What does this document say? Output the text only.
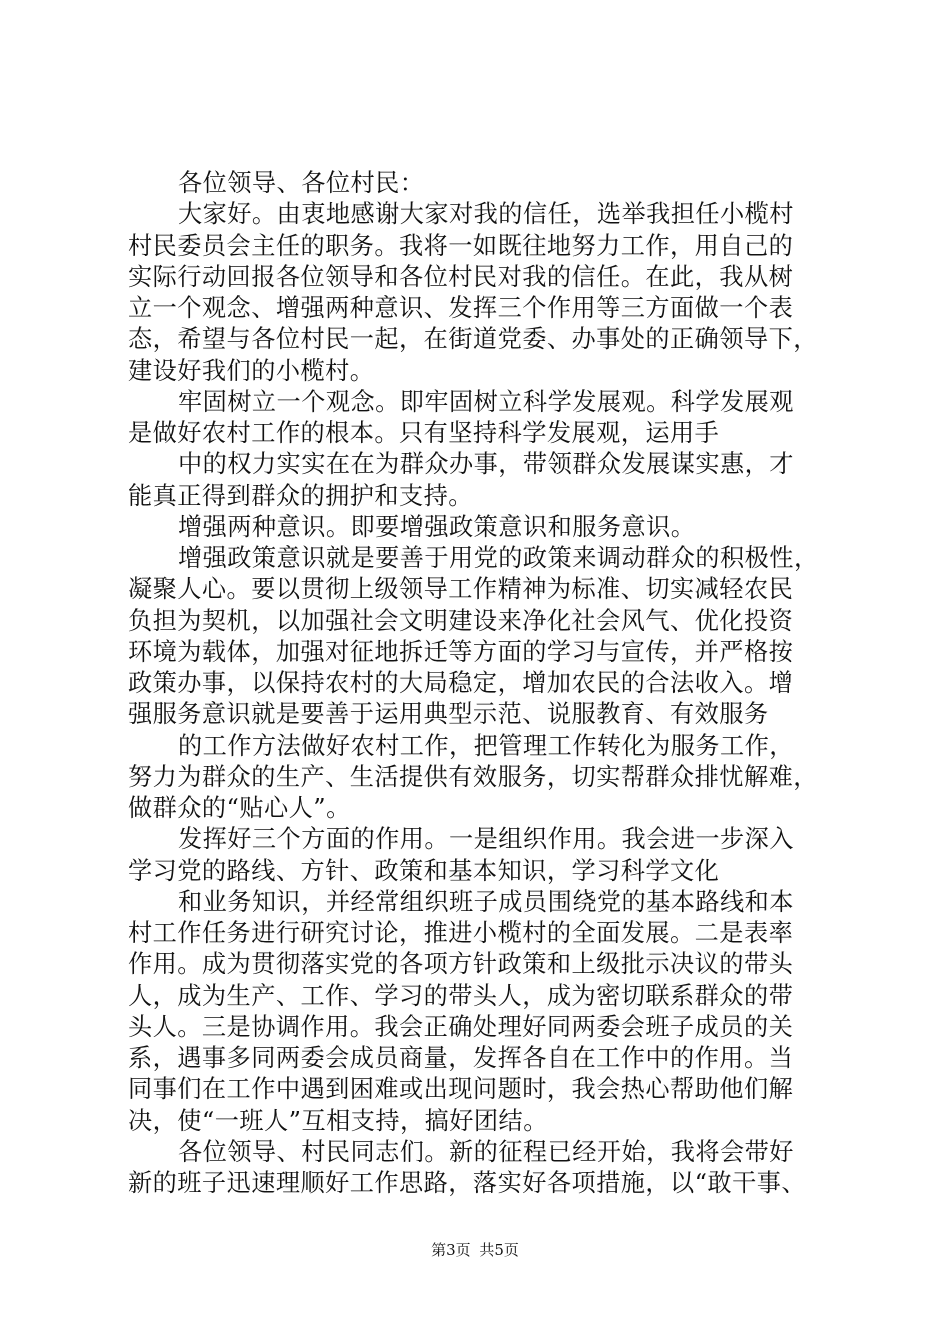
各位领导、各位村民：
大家好。由衷地感谢大家对我的信任，选举我担任小榄村
村民委员会主任的职务。我将一如既往地努力工作，用自己的
实际行动回报各位领导和各位村民对我的信任。在此，我从树
立一个观念、增强两种意识、发挥三个作用等三方面做一个表
态，希望与各位村民一起，在街道党委、办事处的正确领导下，
建设好我们的小榄村。
牢固树立一个观念。即牢固树立科学发展观。科学发展观
是做好农村工作的根本。只有坚持科学发展观，运用手
中的权力实实在在为群众办事，带领群众发展谋实惠，才
能真正得到群众的拥护和支持。
增强两种意识。即要增强政策意识和服务意识。
增强政策意识就是要善于用党的政策来调动群众的积极性，
凝聚人心。要以贯彻上级领导工作精神为标准、切实减轻农民
负担为契机，以加强社会文明建设来净化社会风气、优化投资
环境为载体，加强对征地拆迁等方面的学习与宣传，并严格按
政策办事，以保持农村的大局稳定，增加农民的合法收入。增
强服务意识就是要善于运用典型示范、说服教育、有效服务
的工作方法做好农村工作，把管理工作转化为服务工作，
努力为群众的生产、生活提供有效服务，切实帮群众排忧解难，
做群众的“贴心人”。
发挥好三个方面的作用。一是组织作用。我会进一步深入
学习党的路线、方针、政策和基本知识，学习科学文化
和业务知识，并经常组织班子成员围绕党的基本路线和本
村工作任务进行研究讨论，推进小榄村的全面发展。二是表率
作用。成为贯彻落实党的各项方针政策和上级批示决议的带头
人，成为生产、工作、学习的带头人，成为密切联系群众的带
头人。三是协调作用。我会正确处理好同两委会班子成员的关
系，遇事多同两委会成员商量，发挥各自在工作中的作用。当
同事们在工作中遇到困难或出现问题时，我会热心帮助他们解
决，使“一班人”互相支持，搞好团结。
各位领导、村民同志们。新的征程已经开始，我将会带好
新的班子迅速理顺好工作思路，落实好各项措施，以“敢干事、
第3页 共5页
